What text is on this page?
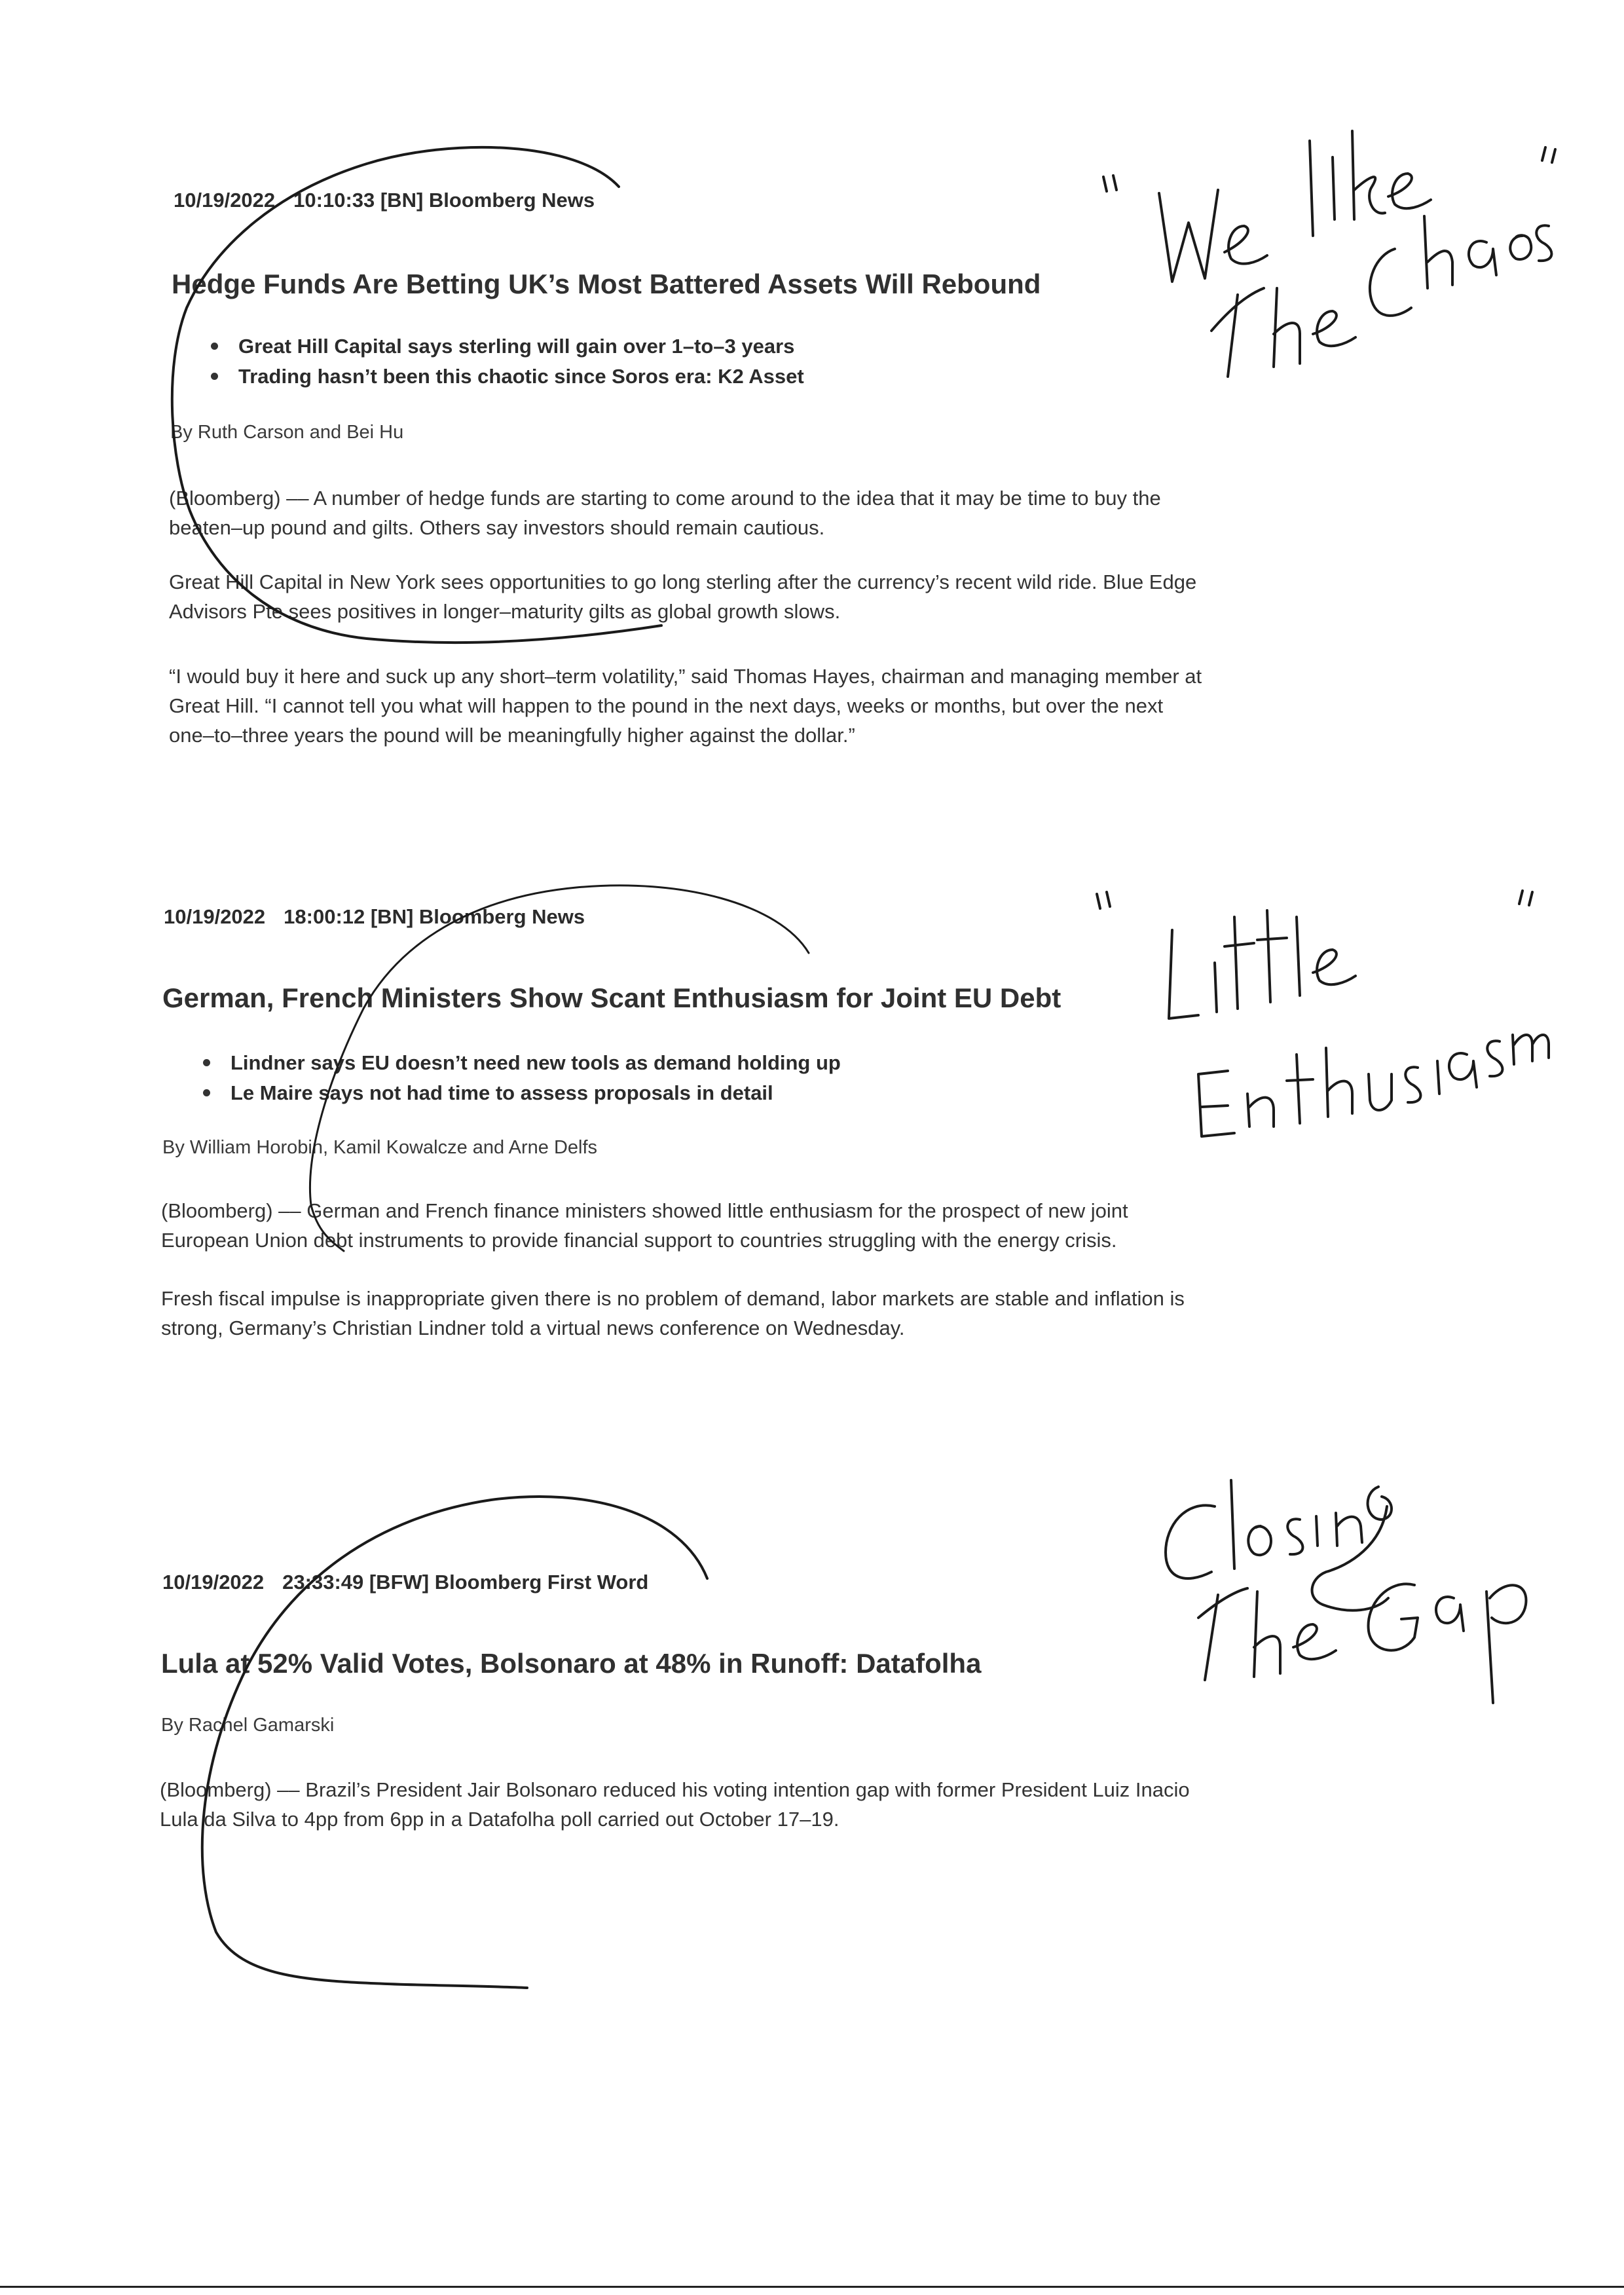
10/19/2022 10:10:33 [BN] Bloomberg News
Hedge Funds Are Betting UK’s Most Battered Assets Will Rebound
Great Hill Capital says sterling will gain over 1–to–3 years
Trading hasn’t been this chaotic since Soros era: K2 Asset
By Ruth Carson and Bei Hu
(Bloomberg) –– A number of hedge funds are starting to come around to the idea that it may be time to buy the
beaten–up pound and gilts. Others say investors should remain cautious.
Great Hill Capital in New York sees opportunities to go long sterling after the currency’s recent wild ride. Blue Edge
Advisors Pte sees positives in longer–maturity gilts as global growth slows.
“I would buy it here and suck up any short–term volatility,” said Thomas Hayes, chairman and managing member at
Great Hill. “I cannot tell you what will happen to the pound in the next days, weeks or months, but over the next
one–to–three years the pound will be meaningfully higher against the dollar.”
10/19/2022 18:00:12 [BN] Bloomberg News
German, French Ministers Show Scant Enthusiasm for Joint EU Debt
Lindner says EU doesn’t need new tools as demand holding up
Le Maire says not had time to assess proposals in detail
By William Horobin, Kamil Kowalcze and Arne Delfs
(Bloomberg) –– German and French finance ministers showed little enthusiasm for the prospect of new joint
European Union debt instruments to provide financial support to countries struggling with the energy crisis.
Fresh fiscal impulse is inappropriate given there is no problem of demand, labor markets are stable and inflation is
strong, Germany’s Christian Lindner told a virtual news conference on Wednesday.
10/19/2022 23:33:49 [BFW] Bloomberg First Word
Lula at 52% Valid Votes, Bolsonaro at 48% in Runoff: Datafolha
By Rachel Gamarski
(Bloomberg) –– Brazil’s President Jair Bolsonaro reduced his voting intention gap with former President Luiz Inacio
Lula da Silva to 4pp from 6pp in a Datafolha poll carried out October 17–19.
